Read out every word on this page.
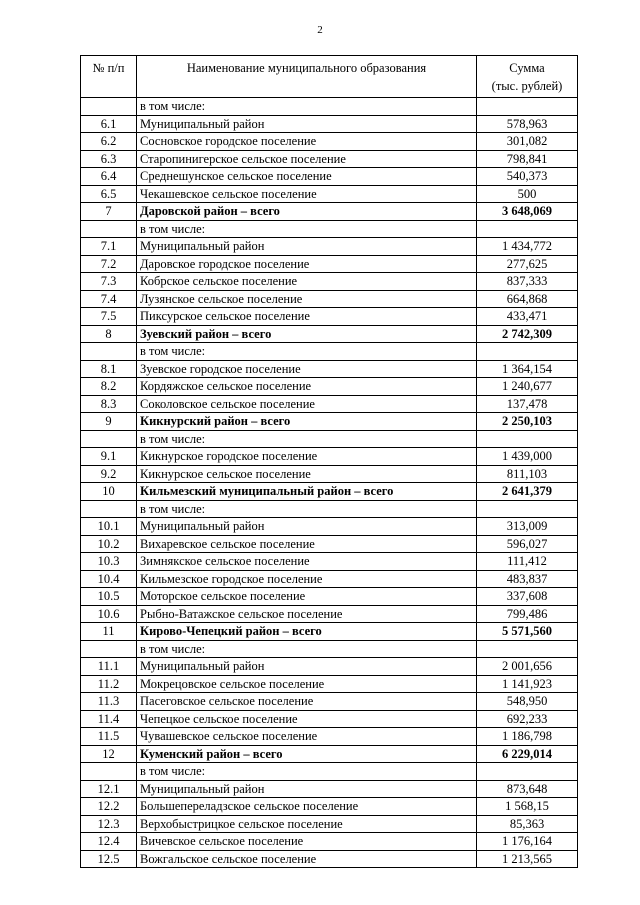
2
№ п/п	Наименование муниципального образования	Сумма
(тыс. рублей)
	в том числе:	
6.1	Муниципальный район	578,963
6.2	Сосновское городское поселение	301,082
6.3	Старопинигерское сельское поселение	798,841
6.4	Среднешунское сельское поселение	540,373
6.5	Чекашевское сельское поселение	500
7	Даровской район – всего	3 648,069
	в том числе:	
7.1	Муниципальный район	1 434,772
7.2	Даровское городское поселение	277,625
7.3	Кобрское сельское поселение	837,333
7.4	Лузянское сельское поселение	664,868
7.5	Пиксурское сельское поселение	433,471
8	Зуевский район – всего	2 742,309
	в том числе:	
8.1	Зуевское городское поселение	1 364,154
8.2	Кордяжское сельское поселение	1 240,677
8.3	Соколовское сельское поселение	137,478
9	Кикнурский район – всего	2 250,103
	в том числе:	
9.1	Кикнурское городское поселение	1 439,000
9.2	Кикнурское сельское поселение	811,103
10	Кильмезский муниципальный район – всего	2 641,379
	в том числе:	
10.1	Муниципальный район	313,009
10.2	Вихаревское сельское поселение	596,027
10.3	Зимнякское сельское поселение	111,412
10.4	Кильмезское городское поселение	483,837
10.5	Моторское сельское поселение	337,608
10.6	Рыбно-Ватажское сельское поселение	799,486
11	Кирово-Чепецкий район – всего	5 571,560
	в том числе:	
11.1	Муниципальный район	2 001,656
11.2	Мокрецовское сельское поселение	1 141,923
11.3	Пасеговское сельское поселение	548,950
11.4	Чепецкое сельское поселение	692,233
11.5	Чувашевское сельское поселение	1 186,798
12	Куменский район – всего	6 229,014
	в том числе:	
12.1	Муниципальный район	873,648
12.2	Большепереладзское сельское поселение	1 568,15
12.3	Верхобыстрицкое сельское поселение	85,363
12.4	Вичевское сельское поселение	1 176,164
12.5	Вожгальское сельское поселение	1 213,565
